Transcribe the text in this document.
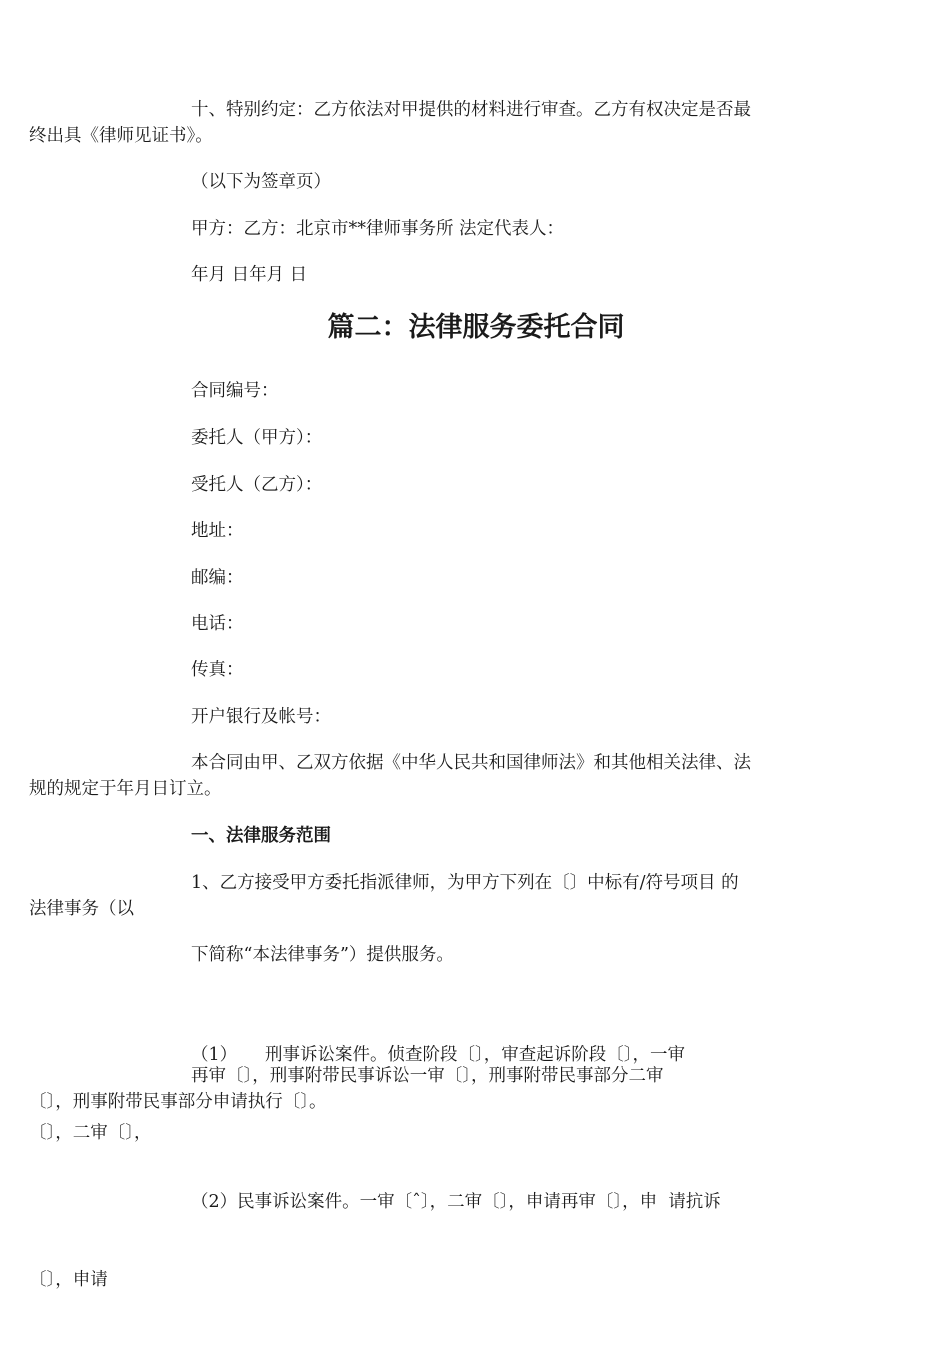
十、特别约定：乙方依法对甲提供的材料进行审查。乙方有权决定是否最
终出具《律师见证书》。

（以下为签章页）

甲方：乙方：北京市**律师事务所 法定代表人：

年月 日年月 日

篇二：法律服务委托合同

合同编号：

委托人（甲方）：

受托人（乙方）：

地址：

邮编：

电话：

传真：

开户银行及帐号：

本合同由甲、乙双方依据《中华人民共和国律师法》和其他相关法律、法
规的规定于年月日订立。

一、法律服务范围

1、乙方接受甲方委托指派律师，为甲方下列在〔〕中标有/符号项目 的
法律事务（以

下简称“本法律事务”）提供服务。

（1）     刑事诉讼案件。侦查阶段〔〕，审查起诉阶段〔〕，一审

〔〕，二审〔〕，

再审〔〕，刑事附带民事诉讼一审〔〕，刑事附带民事部分二审
〔〕，刑事附带民事部分申请执行〔〕。

（2）民事诉讼案件。一审〔ˆ〕，二审〔〕，申请再审〔〕，申  请抗诉

〔〕，申请
